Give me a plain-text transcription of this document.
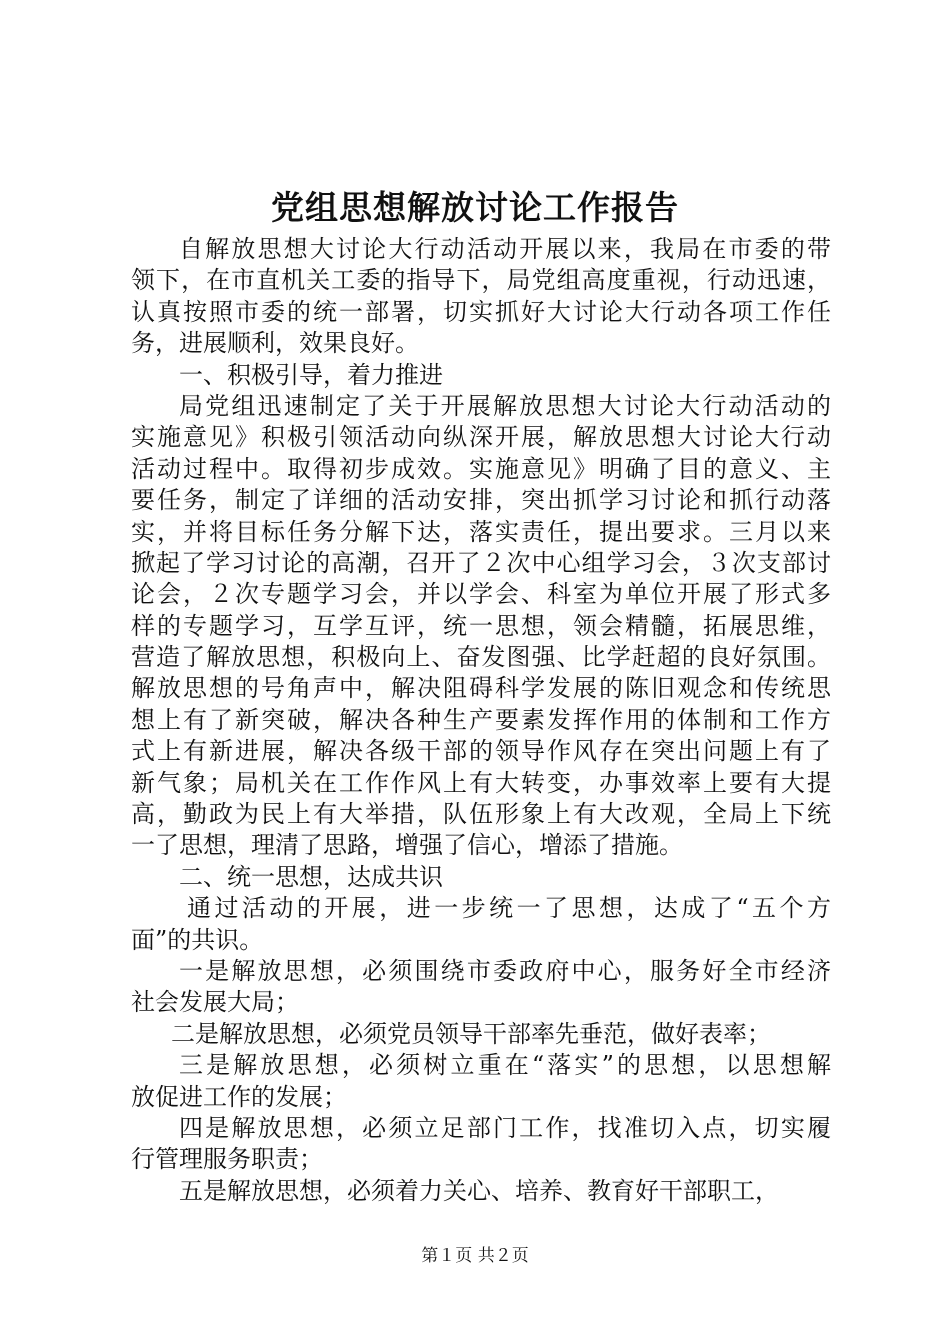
党组思想解放讨论工作报告
自解放思想大讨论大行动活动开展以来，我局在市委的带
领下，在市直机关工委的指导下，局党组高度重视，行动迅速，
认真按照市委的统一部署，切实抓好大讨论大行动各项工作任
务，进展顺利，效果良好。
一、积极引导，着力推进
局党组迅速制定了关于开展解放思想大讨论大行动活动的
实施意见》积极引领活动向纵深开展，解放思想大讨论大行动
活动过程中。取得初步成效。实施意见》明确了目的意义、主
要任务，制定了详细的活动安排，突出抓学习讨论和抓行动落
实，并将目标任务分解下达，落实责任，提出要求。三月以来
掀起了学习讨论的高潮，召开了２次中心组学习会，３次支部讨
论会，２次专题学习会，并以学会、科室为单位开展了形式多
样的专题学习，互学互评，统一思想，领会精髓，拓展思维，
营造了解放思想，积极向上、奋发图强、比学赶超的良好氛围。
解放思想的号角声中，解决阻碍科学发展的陈旧观念和传统思
想上有了新突破，解决各种生产要素发挥作用的体制和工作方
式上有新进展，解决各级干部的领导作风存在突出问题上有了
新气象；局机关在工作作风上有大转变，办事效率上要有大提
高，勤政为民上有大举措，队伍形象上有大改观，全局上下统
一了思想，理清了思路，增强了信心，增添了措施。
二、统一思想，达成共识
通过活动的开展，进一步统一了思想，达成了“五个方
面”的共识。
一是解放思想，必须围绕市委政府中心，服务好全市经济
社会发展大局；
二是解放思想，必须党员领导干部率先垂范，做好表率；
三是解放思想，必须树立重在“落实”的思想，以思想解
放促进工作的发展；
四是解放思想，必须立足部门工作，找准切入点，切实履
行管理服务职责；
五是解放思想，必须着力关心、培养、教育好干部职工，
第１页 共２页
